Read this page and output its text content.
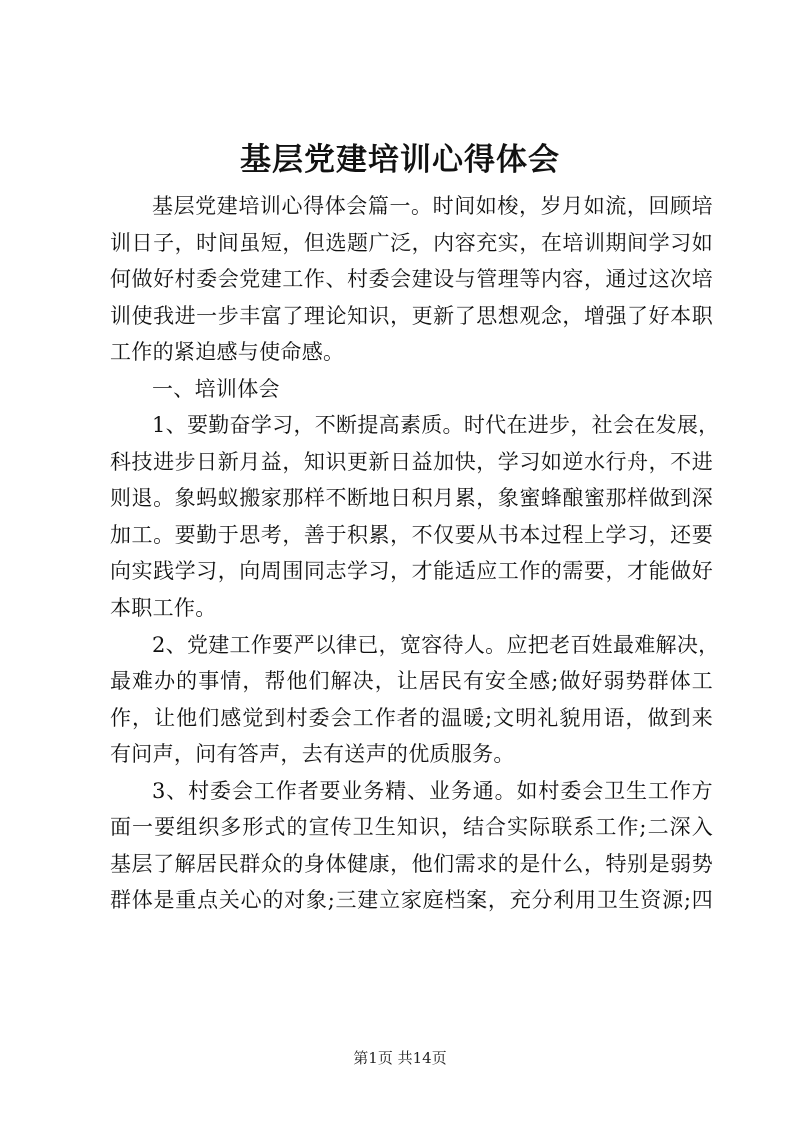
基层党建培训心得体会
基层党建培训心得体会篇一。时间如梭，岁月如流，回顾培
训日子，时间虽短，但选题广泛，内容充实，在培训期间学习如
何做好村委会党建工作、村委会建设与管理等内容，通过这次培
训使我进一步丰富了理论知识，更新了思想观念，增强了好本职
工作的紧迫感与使命感。
一、培训体会
1、要勤奋学习，不断提高素质。时代在进步，社会在发展，
科技进步日新月益，知识更新日益加快，学习如逆水行舟，不进
则退。象蚂蚁搬家那样不断地日积月累，象蜜蜂酿蜜那样做到深
加工。要勤于思考，善于积累，不仅要从书本过程上学习，还要
向实践学习，向周围同志学习，才能适应工作的需要，才能做好
本职工作。
2、党建工作要严以律已，宽容待人。应把老百姓最难解决，
最难办的事情，帮他们解决，让居民有安全感;做好弱势群体工
作，让他们感觉到村委会工作者的温暖;文明礼貌用语，做到来
有问声，问有答声，去有送声的优质服务。
3、村委会工作者要业务精、业务通。如村委会卫生工作方
面一要组织多形式的宣传卫生知识，结合实际联系工作;二深入
基层了解居民群众的身体健康，他们需求的是什么，特别是弱势
群体是重点关心的对象;三建立家庭档案，充分利用卫生资源;四
第1页 共14页
